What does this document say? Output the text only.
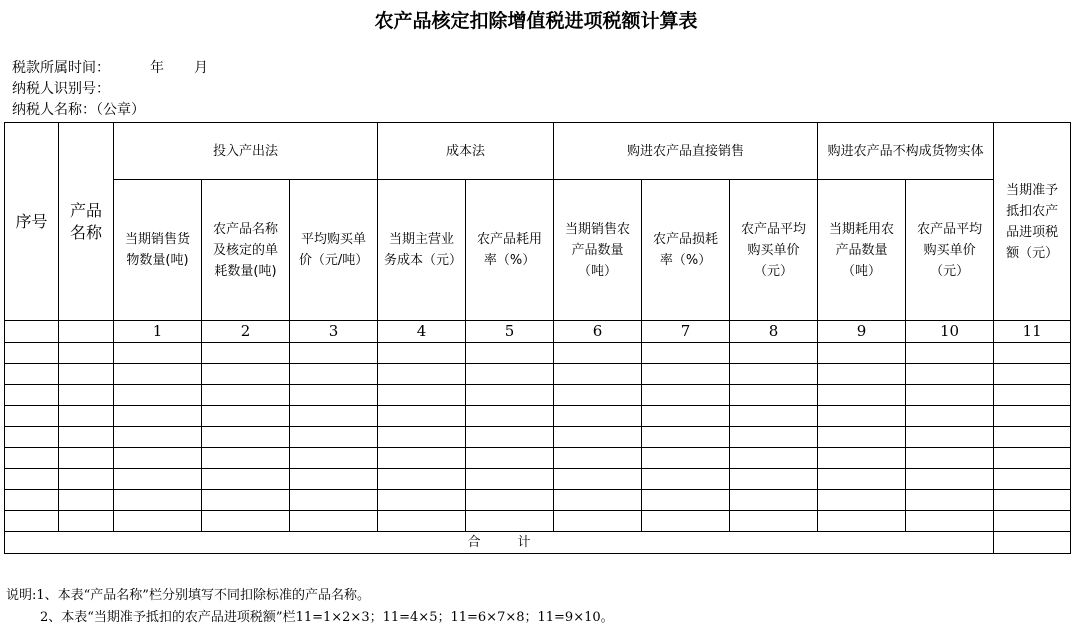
农产品核定扣除增值税进项税额计算表
税款所属时间：	年 月
纳税人识别号：
纳税人名称：（公章）
序号	产品名称	投入产出法			成本法		购进农产品直接销售			购进农产品不构成货物实体		当期准予抵扣农产品进项税额（元）
		当期销售货物数量(吨)	农产品名称及核定的单耗数量(吨)	平均购买单价（元/吨）	当期主营业务成本（元）	农产品耗用率（%）	当期销售农产品数量（吨）	农产品损耗率（%）	农产品平均购买单价（元）	当期耗用农产品数量（吨）	农产品平均购买单价（元）	
		1	2	3	4	5	6	7	8	9	10	11

合 计												
说明:1、本表“产品名称”栏分别填写不同扣除标准的产品名称。
2、本表“当期准予抵扣的农产品进项税额”栏11=1×2×3；11=4×5；11=6×7×8；11=9×10。
